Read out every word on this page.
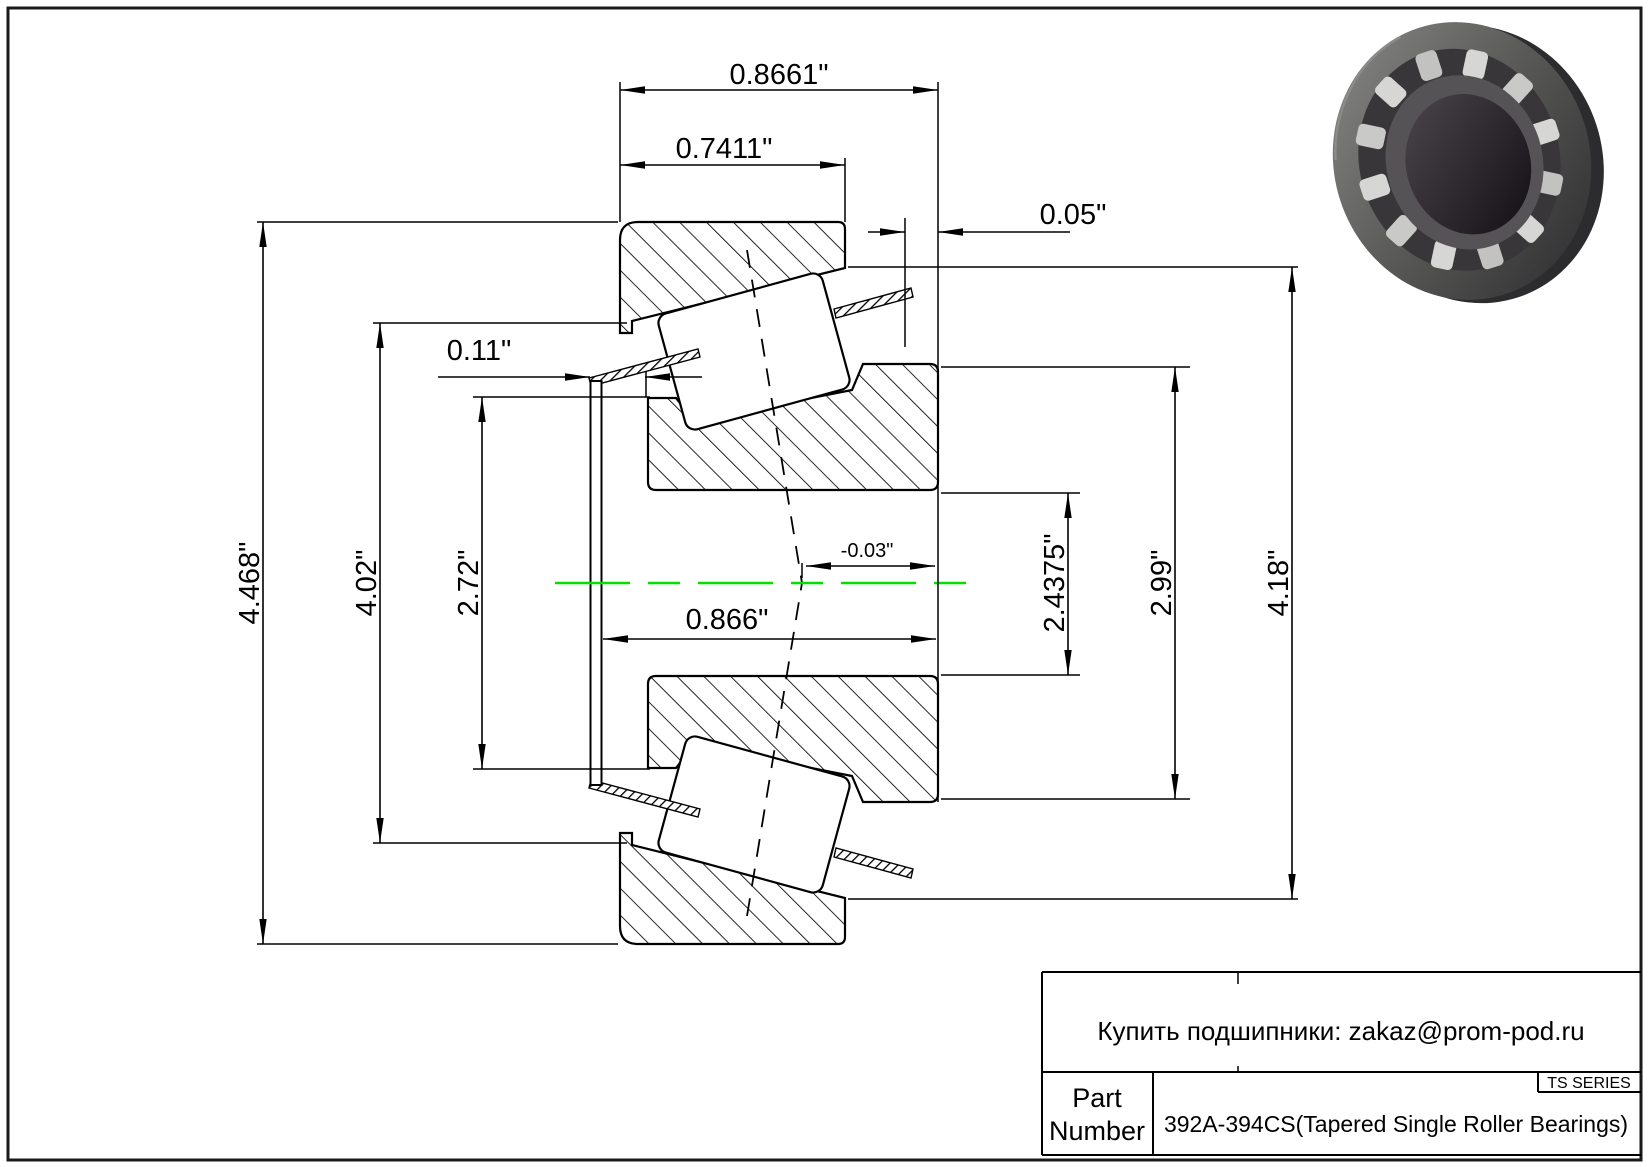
0.8661"
0.7411"
0.05"
0.11"
4.468"	4.02" 2.72"
0.866"
-0.03"	2.4375"	2.99"	4.18"
Купить подшипники: zakaz@prom-pod.ru
TS SERIES
Part
Number 392A-394CS(Tapered Single Roller Bearings)
